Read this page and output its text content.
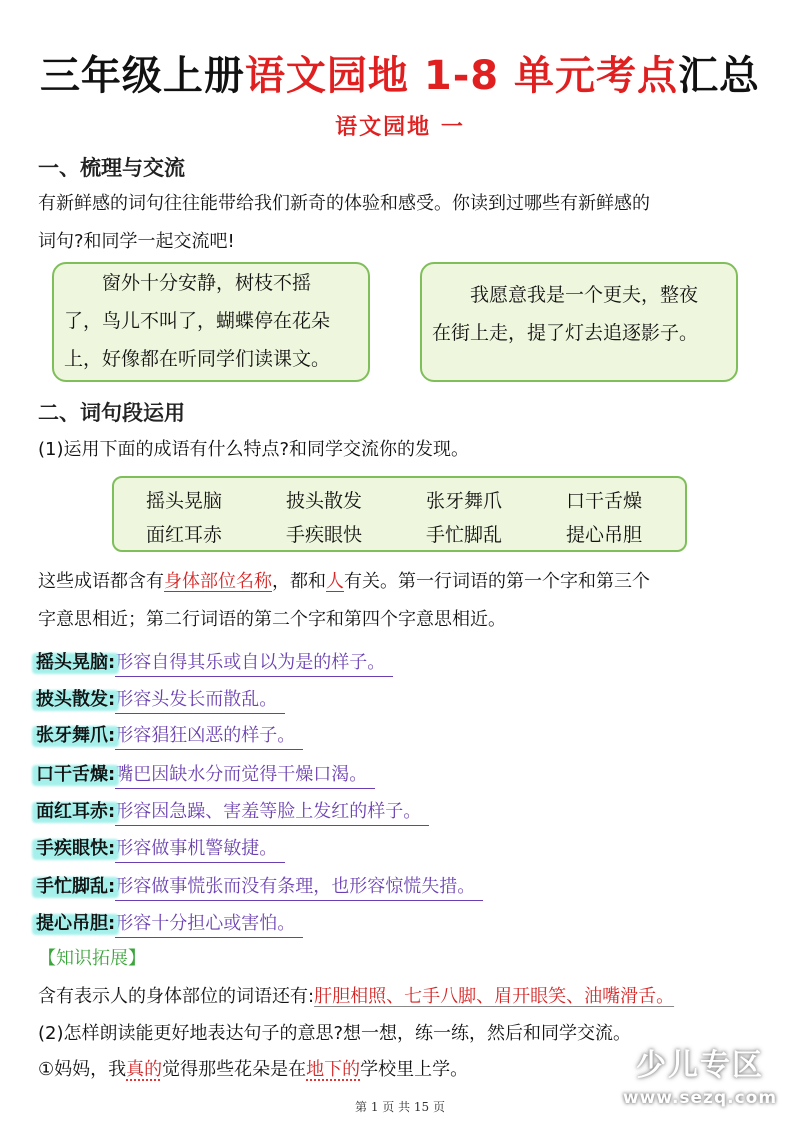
三年级上册语文园地 1-8 单元考点汇总
语文园地 一
一、梳理与交流
有新鲜感的词句往往能带给我们新奇的体验和感受。你读到过哪些有新鲜感的
词句?和同学一起交流吧!
窗外十分安静，树枝不摇
了，鸟儿不叫了，蝴蝶停在花朵
上，好像都在听同学们读课文。
我愿意我是一个更夫，整夜
在街上走，提了灯去追逐影子。
二、词句段运用
(1)运用下面的成语有什么特点?和同学交流你的发现。
摇头晃脑	披头散发	张牙舞爪	口干舌燥
面红耳赤	手疾眼快	手忙脚乱	提心吊胆
这些成语都含有身体部位名称，都和人有关。第一行词语的第一个字和第三个
字意思相近；第二行词语的第二个字和第四个字意思相近。
摇头晃脑:形容自得其乐或自以为是的样子。
披头散发:形容头发长而散乱。
张牙舞爪:形容猖狂凶恶的样子。
口干舌燥:嘴巴因缺水分而觉得干燥口渴。
面红耳赤:形容因急躁、害羞等脸上发红的样子。
手疾眼快:形容做事机警敏捷。
手忙脚乱:形容做事慌张而没有条理，也形容惊慌失措。
提心吊胆:形容十分担心或害怕。
【知识拓展】
含有表示人的身体部位的词语还有:肝胆相照、七手八脚、眉开眼笑、油嘴滑舌。
(2)怎样朗读能更好地表达句子的意思?想一想，练一练，然后和同学交流。
①妈妈，我真的觉得那些花朵是在地下的学校里上学。	少儿专区
www.sezq.com
第 1 页 共 15 页
